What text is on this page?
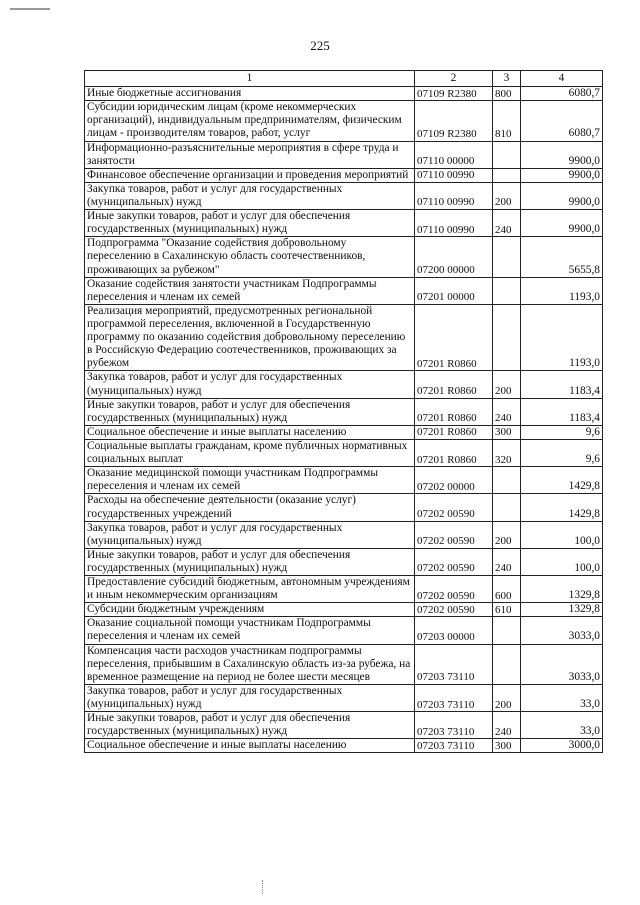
225
1	2	3	4
Иные бюджетные ассигнования	07109 R2380	800	6080,7
Субсидии юридическим лицам (кроме некоммерческих организаций), индивидуальным предпринимателям, физическим лицам - производителям товаров, работ, услуг	07109 R2380	810	6080,7
Информационно-разъяснительные мероприятия в сфере труда и занятости	07110 00000		9900,0
Финансовое обеспечение организации и проведения мероприятий	07110 00990		9900,0
Закупка товаров, работ и услуг для государственных (муниципальных) нужд	07110 00990	200	9900,0
Иные закупки товаров, работ и услуг для обеспечения государственных (муниципальных) нужд	07110 00990	240	9900,0
Подпрограмма "Оказание содействия добровольному переселению в Сахалинскую область соотечественников, проживающих за рубежом"	07200 00000		5655,8
Оказание содействия занятости участникам Подпрограммы переселения и членам их семей	07201 00000		1193,0
Реализация мероприятий, предусмотренных региональной программой переселения, включенной в Государственную программу по оказанию содействия добровольному переселению в Российскую Федерацию соотечественников, проживающих за рубежом	07201 R0860		1193,0
Закупка товаров, работ и услуг для государственных (муниципальных) нужд	07201 R0860	200	1183,4
Иные закупки товаров, работ и услуг для обеспечения государственных (муниципальных) нужд	07201 R0860	240	1183,4
Социальное обеспечение и иные выплаты населению	07201 R0860	300	9,6
Социальные выплаты гражданам, кроме публичных нормативных социальных выплат	07201 R0860	320	9,6
Оказание медицинской помощи участникам Подпрограммы переселения и членам их семей	07202 00000		1429,8
Расходы на обеспечение деятельности (оказание услуг) государственных учреждений	07202 00590		1429,8
Закупка товаров, работ и услуг для государственных (муниципальных) нужд	07202 00590	200	100,0
Иные закупки товаров, работ и услуг для обеспечения государственных (муниципальных) нужд	07202 00590	240	100,0
Предоставление субсидий бюджетным, автономным учреждениям и иным некоммерческим организациям	07202 00590	600	1329,8
Субсидии бюджетным учреждениям	07202 00590	610	1329,8
Оказание социальной помощи участникам Подпрограммы переселения и членам их семей	07203 00000		3033,0
Компенсация части расходов участникам подпрограммы переселения, прибывшим в Сахалинскую область из-за рубежа, на временное размещение на период не более шести месяцев	07203 73110		3033,0
Закупка товаров, работ и услуг для государственных (муниципальных) нужд	07203 73110	200	33,0
Иные закупки товаров, работ и услуг для обеспечения государственных (муниципальных) нужд	07203 73110	240	33,0
Социальное обеспечение и иные выплаты населению	07203 73110	300	3000,0
